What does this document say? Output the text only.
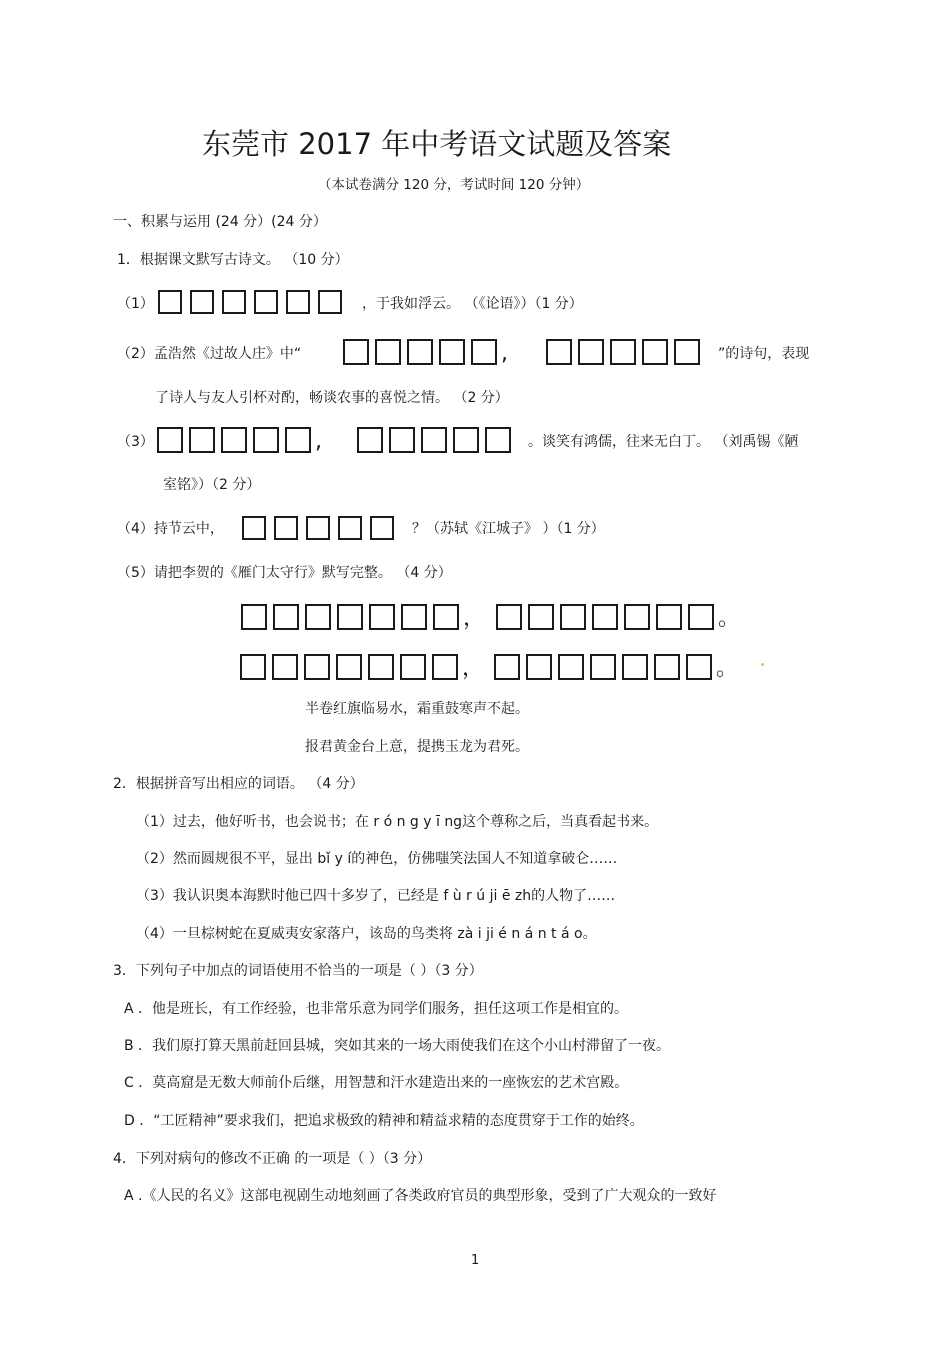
东莞市 2017 年中考语文试题及答案
（本试卷满分 120 分，考试时间 120 分钟）
一、积累与运用 (24 分）(24 分）
1．根据课文默写古诗文。 （10 分）
（1）	，于我如浮云。 （《论语》）（1 分）
（2）孟浩然《过故人庄》中“	,	”的诗句，表现
了诗人与友人引杯对酌，畅谈农事的喜悦之情。 （2 分）
（3）	,	。谈笑有鸿儒，往来无白丁。 （刘禹锡《陋
室铭》）（2 分）
（4）持节云中，	？（苏轼《江城子》 ）（1 分）
（5）请把李贺的《雁门太守行》默写完整。 （4 分）
，	。
，	。
半卷红旗临易水，霜重鼓寒声不起。
报君黄金台上意，提携玉龙为君死。
2．根据拼音写出相应的词语。 （4 分）
（1）过去，他好听书，也会说书；在 r ó n g y ī ng这个尊称之后，当真看起书来。
（2）然而圆规很不平，显出 bǐ y í的神色，仿佛嗤笑法国人不知道拿破仑……
（3）我认识奥本海默时他已四十多岁了，已经是 f ù r ú ji ē zh的人物了……
（4）一旦棕树蛇在夏威夷安家落户，该岛的鸟类将 zà i ji é n á n t á o。
3．下列句子中加点的词语使用不恰当的一项是（ ）（3 分）
A ．他是班长，有工作经验，也非常乐意为同学们服务，担任这项工作是相宜的。
B ．我们原打算天黑前赶回县城，突如其来的一场大雨使我们在这个小山村滞留了一夜。
C ．莫高窟是无数大师前仆后继，用智慧和汗水建造出来的一座恢宏的艺术宫殿。
D ．“工匠精神”要求我们，把追求极致的精神和精益求精的态度贯穿于工作的始终。
4．下列对病句的修改不正确 的一项是（ ）（3 分）
A .《人民的名义》这部电视剧生动地刻画了各类政府官员的典型形象，受到了广大观众的一致好
1
